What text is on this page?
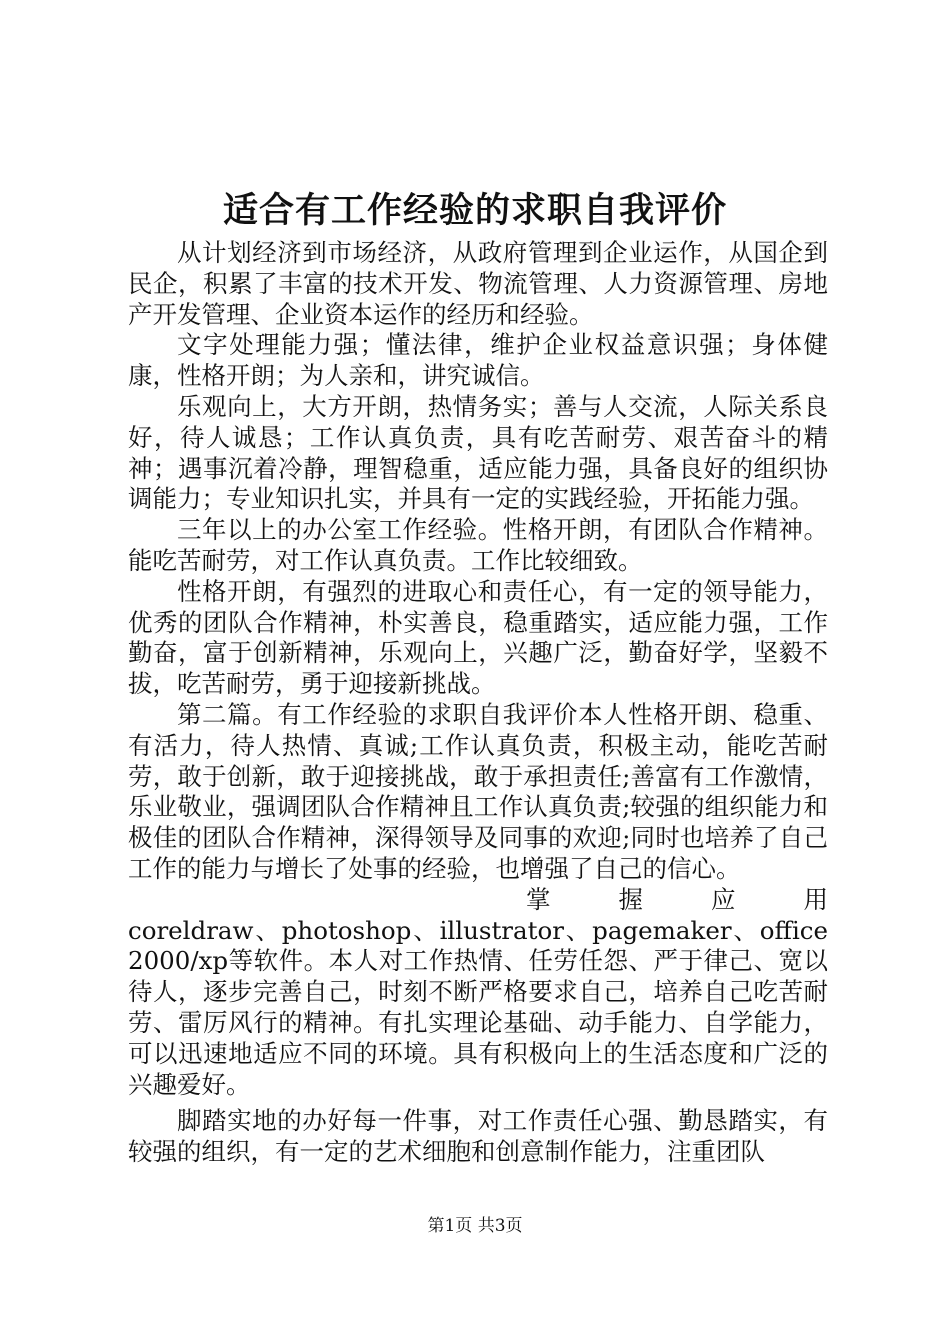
适合有工作经验的求职自我评价

从计划经济到市场经济，从政府管理到企业运作，从国企到民企，积累了丰富的技术开发、物流管理、人力资源管理、房地产开发管理、企业资本运作的经历和经验。

文字处理能力强；懂法律，维护企业权益意识强；身体健康，性格开朗；为人亲和，讲究诚信。

乐观向上，大方开朗，热情务实；善与人交流，人际关系良好，待人诚恳；工作认真负责，具有吃苦耐劳、艰苦奋斗的精神；遇事沉着冷静，理智稳重，适应能力强，具备良好的组织协调能力；专业知识扎实，并具有一定的实践经验，开拓能力强。

三年以上的办公室工作经验。性格开朗，有团队合作精神。能吃苦耐劳，对工作认真负责。工作比较细致。

性格开朗，有强烈的进取心和责任心，有一定的领导能力，优秀的团队合作精神，朴实善良，稳重踏实，适应能力强，工作勤奋，富于创新精神，乐观向上，兴趣广泛，勤奋好学，坚毅不拔，吃苦耐劳，勇于迎接新挑战。

第二篇。有工作经验的求职自我评价本人性格开朗、稳重、有活力，待人热情、真诚;工作认真负责，积极主动，能吃苦耐劳，敢于创新，敢于迎接挑战，敢于承担责任;善富有工作激情，乐业敬业，强调团队合作精神且工作认真负责;较强的组织能力和极佳的团队合作精神，深得领导及同事的欢迎;同时也培养了自己工作的能力与增长了处事的经验，也增强了自己的信心。

掌 握 应 用

coreldraw、photoshop、illustrator、pagemaker、office2000/xp等软件。本人对工作热情、任劳任怨、严于律己、宽以待人，逐步完善自己，时刻不断严格要求自己，培养自己吃苦耐劳、雷厉风行的精神。有扎实理论基础、动手能力、自学能力，可以迅速地适应不同的环境。具有积极向上的生活态度和广泛的兴趣爱好。

脚踏实地的办好每一件事，对工作责任心强、勤恳踏实，有较强的组织，有一定的艺术细胞和创意制作能力，注重团队

第1页 共3页
